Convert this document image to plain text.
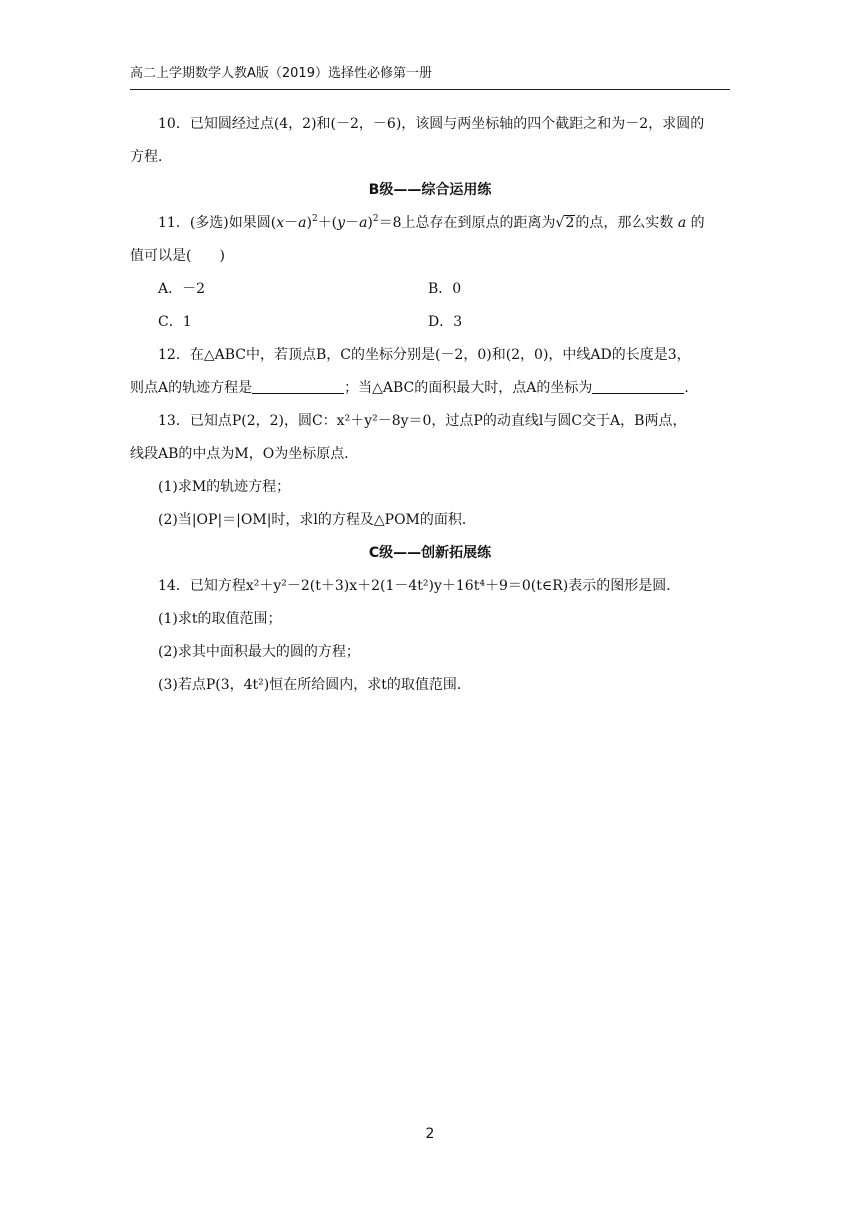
高二上学期数学人教A版（2019）选择性必修第一册
10．已知圆经过点(4，2)和(－2，－6)，该圆与两坐标轴的四个截距之和为－2，求圆的
方程．
B级——综合运用练
11．(多选)如果圆$(x-a)^2+(y-a)^2=8$上总存在到原点的距离为√2的点，那么实数 a 的
值可以是(　　)
A．－2	B．0
C．1	D．3
12．在△ABC中，若顶点B，C的坐标分别是(－2，0)和(2，0)，中线AD的长度是3，
则点A的轨迹方程是	；当△ABC的面积最大时，点A的坐标为	．
13．已知点P(2，2)，圆C：x²＋y²－8y＝0，过点P的动直线l与圆C交于A，B两点，
线段AB的中点为M，O为坐标原点．
(1)求M的轨迹方程；
(2)当|OP|＝|OM|时，求l的方程及△POM的面积．
C级——创新拓展练
14．已知方程x²＋y²－2(t＋3)x＋2(1－4t²)y＋16t⁴＋9＝0(t∈R)表示的图形是圆．
(1)求t的取值范围；
(2)求其中面积最大的圆的方程；
(3)若点P(3，4t²)恒在所给圆内，求t的取值范围．
2
